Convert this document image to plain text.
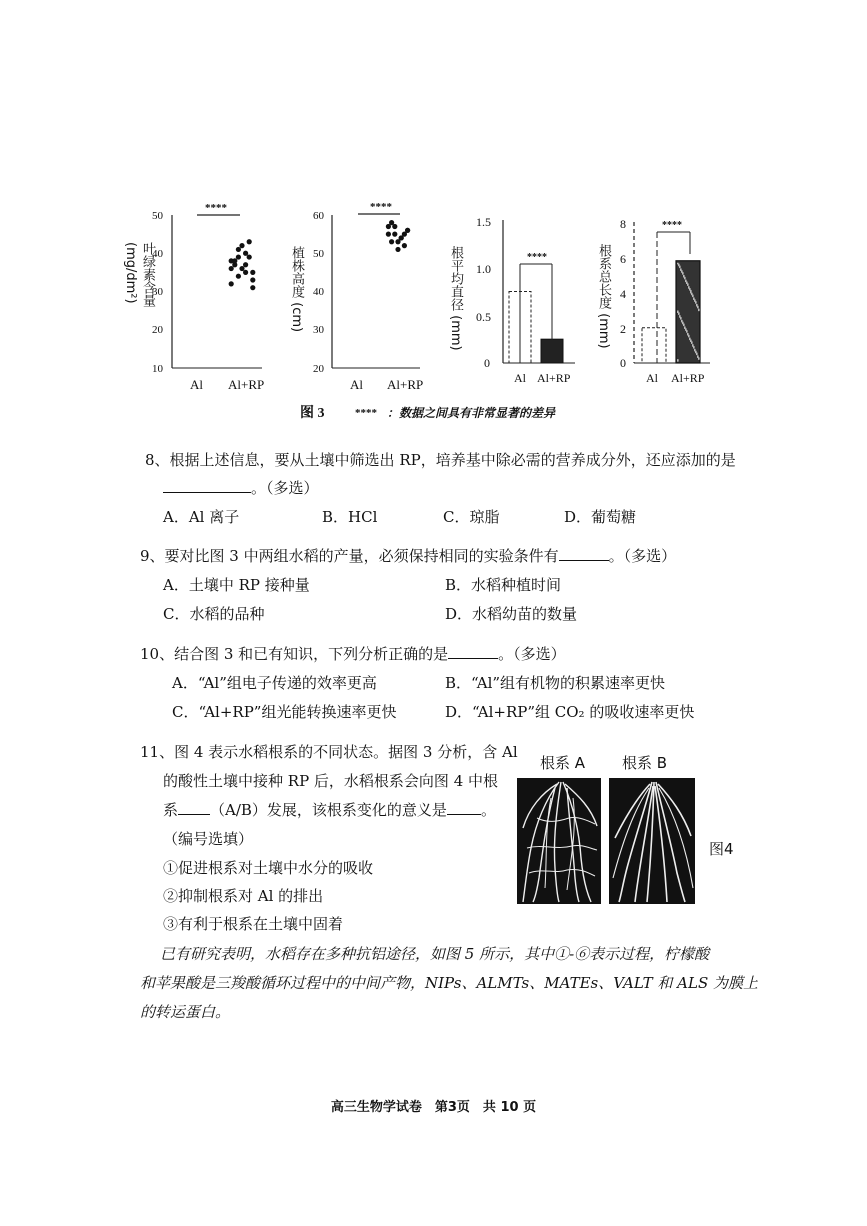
叶绿素含量 (mg/dm²)	植株高度 (cm)	根平均直径 (mm)	根系总长度 (mm)
50
40
30
20
10
****
Al Al+RP
60
50
40
30
20
****
Al Al+RP
1.5
1.0
0.5
0
****
Al Al+RP
8
6
4
2
0
****
Al Al+RP
图 3	**** ：数据之间具有非常显著的差异
8、根据上述信息，要从土壤中筛选出 RP，培养基中除必需的营养成分外，还应添加的是
。（多选）
A．Al 离子	B．HCl	C．琼脂	D．葡萄糖
9、要对比图 3 中两组水稻的产量，必须保持相同的实验条件有	。（多选）
A．土壤中 RP 接种量	B．水稻种植时间
C．水稻的品种	D．水稻幼苗的数量
10、结合图 3 和已有知识，下列分析正确的是	。（多选）
A．“Al”组电子传递的效率更高	B．“Al”组有机物的积累速率更快
C．“Al+RP”组光能转换速率更快	D．“Al+RP”组 CO₂ 的吸收速率更快
11、图 4 表示水稻根系的不同状态。据图 3 分析，含 Al
的酸性土壤中接种 RP 后，水稻根系会向图 4 中根
系 （A/B）发展，该根系变化的意义是 。
（编号选填）
①促进根系对土壤中水分的吸收
②抑制根系对 Al 的排出
③有利于根系在土壤中固着
根系 A 根系 B
图4
已有研究表明，水稻存在多种抗铝途径，如图 5 所示，其中①-⑥表示过程，柠檬酸
和苹果酸是三羧酸循环过程中的中间产物，NIPs、ALMTs、MATEs、VALT 和 ALS 为膜上
的转运蛋白。
高三生物学试卷　第3页　共 10 页
